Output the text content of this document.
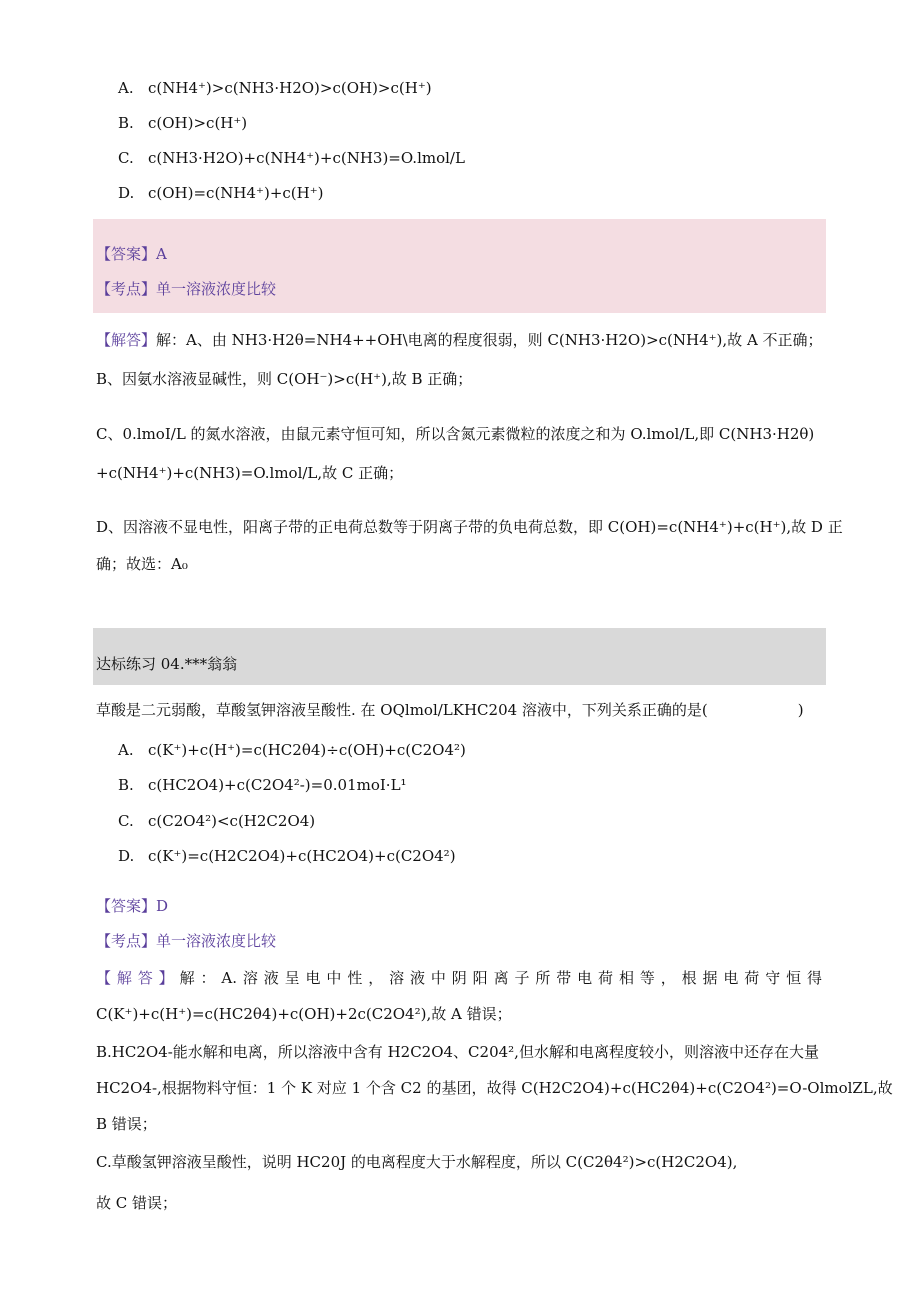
A. c(NH4⁺)>c(NH3·H2O)>c(OH)>c(H⁺)
B. c(OH)>c(H⁺)
C. c(NH3·H2O)+c(NH4⁺)+c(NH3)=O.lmol/L
D. c(OH)=c(NH4⁺)+c(H⁺)
【答案】A
【考点】单一溶液浓度比较
【解答】解：A、由 NH3·H2θ=NH4++OH\电离的程度很弱，则 C(NH3·H2O)>c(NH4⁺),故 A 不正确；
B、因氨水溶液显碱性，则 C(OH⁻)>c(H⁺),故 B 正确；
C、0.lmoI/L 的氮水溶液，由鼠元素守恒可知，所以含氮元素微粒的浓度之和为 O.lmol/L,即 C(NH3·H2θ)
+c(NH4⁺)+c(NH3)=O.lmol/L,故 C 正确；
D、因溶液不显电性，阳离子带的正电荷总数等于阴离子带的负电荷总数，即 C(OH)=c(NH4⁺)+c(H⁺),故 D 正
确；故选：A₀
达标练习 04.***翁翁
草酸是二元弱酸，草酸氢钾溶液呈酸性. 在 OQlmol/LKHC204 溶液中，下列关系正确的是(	)
A. c(K⁺)+c(H⁺)=c(HC2θ4)÷c(OH)+c(C2O4²)
B. c(HC2O4)+c(C2O4²-)=0.01moI·L¹
C. c(C2O4²)<c(H2C2O4)
D. c(K⁺)=c(H2C2O4)+c(HC2O4)+c(C2O4²)
【答案】D
【考点】单一溶液浓度比较
【解答】解：A.溶液呈电中性，溶液中阴阳离子所带电荷相等，根据电荷守恒得
C(K⁺)+c(H⁺)=c(HC2θ4)+c(OH)+2c(C2O4²),故 A 错误；
B.HC2O4-能水解和电离，所以溶液中含有 H2C2O4、C204²,但水解和电离程度较小，则溶液中还存在大量
HC2O4-,根据物料守恒：1 个 K 对应 1 个含 C2 的基团，故得 C(H2C2O4)+c(HC2θ4)+c(C2O4²)=O-OlmolZL,故
B 错误；
C.草酸氢钾溶液呈酸性，说明 HC20J 的电离程度大于水解程度，所以 C(C2θ4²)>c(H2C2O4),
故 C 错误；
